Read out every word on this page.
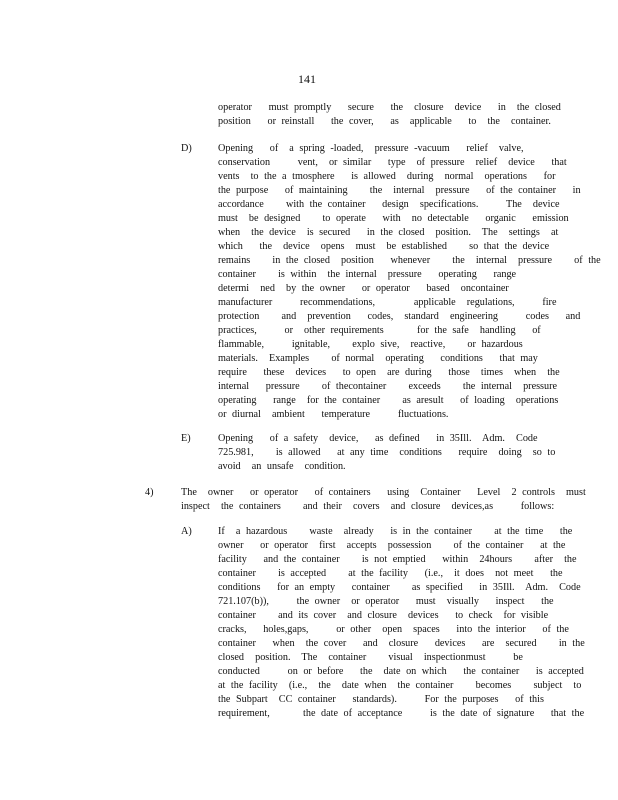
141
operator   must promptly   secure   the  closure  device   in  the closed
position   or reinstall   the cover,   as  applicable   to  the  container.
D)	Opening   of  a spring -loaded,  pressure -vacuum   relief  valve,
conservation     vent,  or similar   type  of pressure  relief  device   that
vents  to the a tmosphere   is allowed  during  normal  operations   for
the purpose   of maintaining    the  internal  pressure   of the container   in
accordance    with the container   design  specifications.     The  device
must  be designed    to operate   with  no detectable   organic   emission
when  the device  is secured   in the closed  position.  The  settings  at
which   the  device  opens  must  be established    so that the device
remains    in the closed  position   whenever    the  internal  pressure    of the
container    is within  the internal  pressure   operating   range
determi  ned  by the owner   or operator   based  oncontainer
manufacturer     recommendations,       applicable  regulations,     fire
protection    and  prevention   codes,  standard  engineering     codes   and
practices,     or  other requirements      for the safe  handling   of
flammable,     ignitable,    explo sive,  reactive,    or hazardous
materials.  Examples    of normal  operating   conditions   that may
require   these  devices   to open  are during   those  times  when  the
internal   pressure    of thecontainer    exceeds    the internal  pressure
operating   range  for the container    as aresult   of loading  operations
or diurnal  ambient   temperature     fluctuations.
E)	Opening   of a safety  device,   as defined   in 35Ill.  Adm.  Code
725.981,    is allowed   at any time  conditions   require  doing  so to
avoid  an unsafe  condition.
4)	The  owner   or operator   of containers   using  Container   Level  2 controls  must
inspect  the containers    and their  covers  and closure  devices,as     follows:
A)	If  a hazardous    waste  already   is in the container    at the time   the
owner   or operator  first  accepts  possession    of the container   at the
facility   and the container    is not emptied   within  24hours    after  the
container    is accepted    at the facility   (i.e.,  it does  not meet   the
conditions   for an empty   container    as specified   in 35Ill.  Adm.  Code
721.107(b)),     the owner  or operator   must  visually   inspect   the
container    and its cover  and closure  devices   to check  for visible
cracks,   holes,gaps,     or other  open  spaces   into the interior   of the
container   when  the cover   and  closure   devices   are  secured    in the
closed  position.  The  container    visual  inspectionmust     be
conducted     on or before   the  date on which   the container   is accepted
at the facility  (i.e.,  the  date when  the container    becomes    subject  to
the Subpart  CC container   standards).     For the purposes   of this
requirement,      the date of acceptance     is the date of signature   that the
